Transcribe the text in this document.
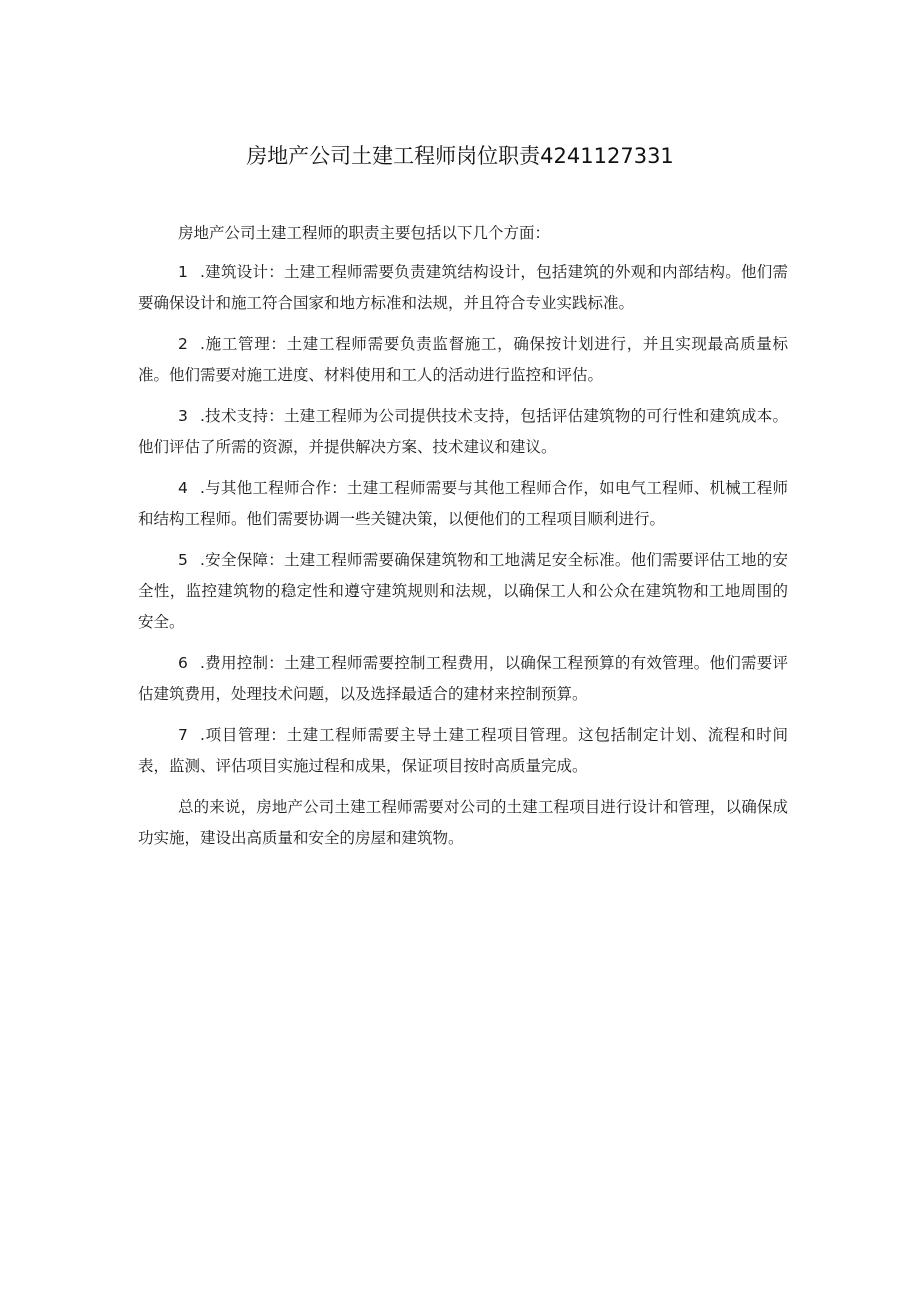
房地产公司土建工程师岗位职责4241127331

房地产公司土建工程师的职责主要包括以下几个方面：

1 .建筑设计：土建工程师需要负责建筑结构设计，包括建筑的外观和内部结构。他们需要确保设计和施工符合国家和地方标准和法规，并且符合专业实践标准。

2 .施工管理：土建工程师需要负责监督施工，确保按计划进行，并且实现最高质量标准。他们需要对施工进度、材料使用和工人的活动进行监控和评估。

3 .技术支持：土建工程师为公司提供技术支持，包括评估建筑物的可行性和建筑成本。他们评估了所需的资源，并提供解决方案、技术建议和建议。

4 .与其他工程师合作：土建工程师需要与其他工程师合作，如电气工程师、机械工程师和结构工程师。他们需要协调一些关键决策，以便他们的工程项目顺利进行。

5 .安全保障：土建工程师需要确保建筑物和工地满足安全标准。他们需要评估工地的安全性，监控建筑物的稳定性和遵守建筑规则和法规，以确保工人和公众在建筑物和工地周围的安全。

6 .费用控制：土建工程师需要控制工程费用，以确保工程预算的有效管理。他们需要评估建筑费用，处理技术问题，以及选择最适合的建材来控制预算。

7 .项目管理：土建工程师需要主导土建工程项目管理。这包括制定计划、流程和时间表，监测、评估项目实施过程和成果，保证项目按时高质量完成。

总的来说，房地产公司土建工程师需要对公司的土建工程项目进行设计和管理，以确保成功实施，建设出高质量和安全的房屋和建筑物。
